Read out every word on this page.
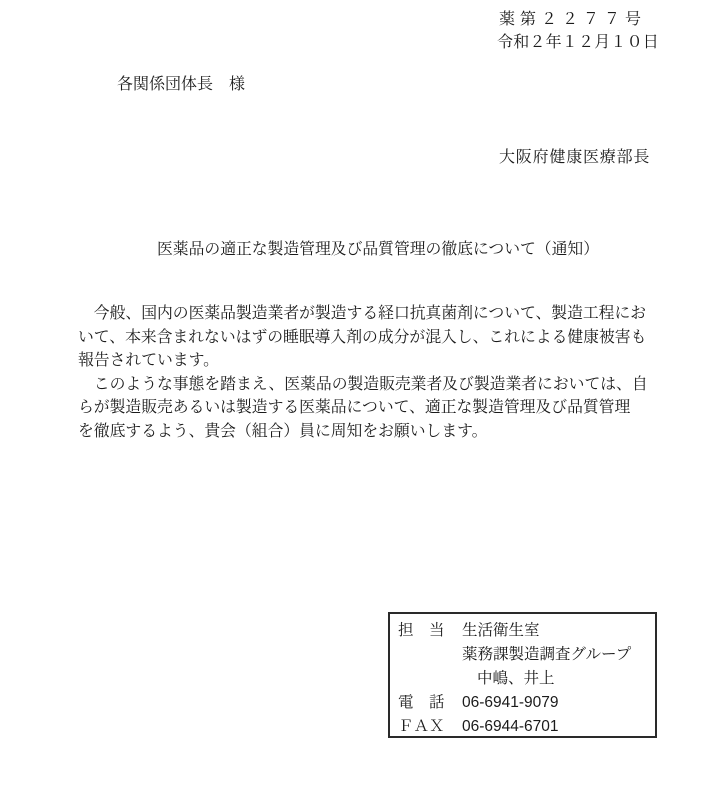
薬第２２７７号
令和２年１２月１０日
各関係団体長　様
大阪府健康医療部長
医薬品の適正な製造管理及び品質管理の徹底について（通知）
　今般、国内の医薬品製造業者が製造する経口抗真菌剤について、製造工程にお
いて、本来含まれないはずの睡眠導入剤の成分が混入し、これによる健康被害も
報告されています。
　このような事態を踏まえ、医薬品の製造販売業者及び製造業者においては、自
らが製造販売あるいは製造する医薬品について、適正な製造管理及び品質管理
を徹底するよう、貴会（組合）員に周知をお願いします。
担　当	生活衛生室
薬務課製造調査グループ
中嶋、井上
電　話	06-6941-9079
ＦＡＸ	06-6944-6701
